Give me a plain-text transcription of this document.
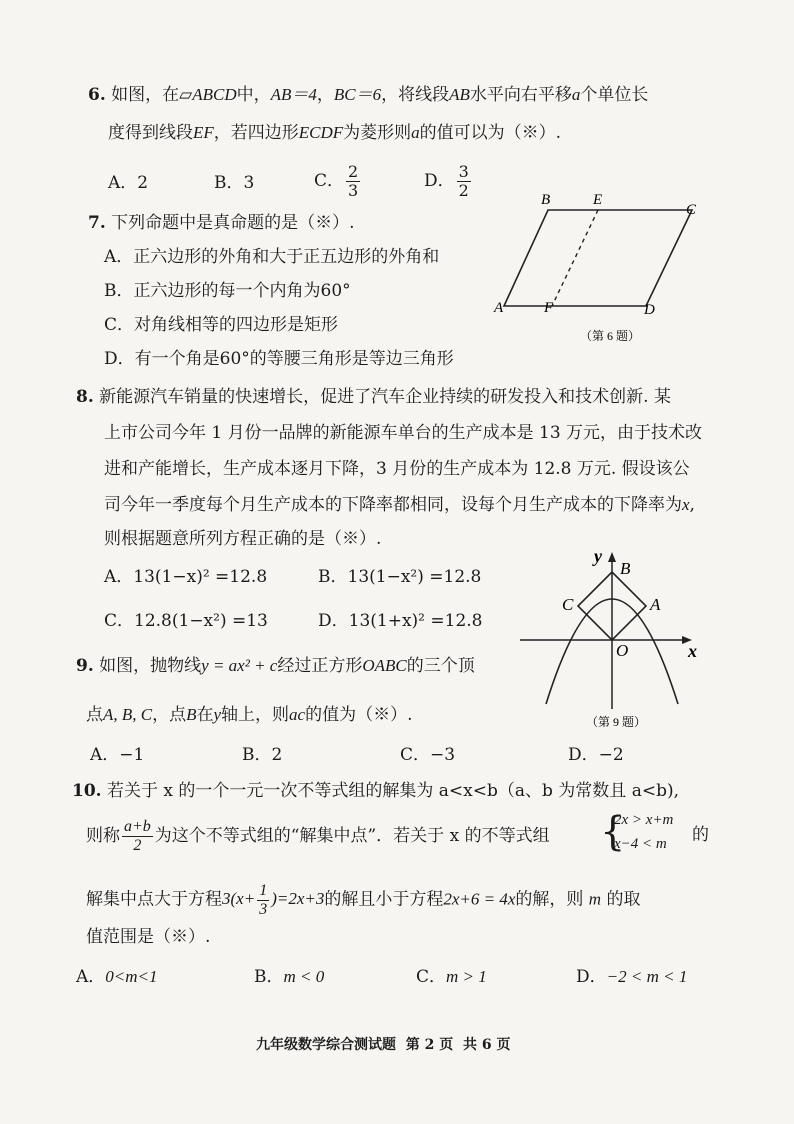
6. 如图，在▱ABCD中，AB＝4，BC＝6，将线段AB水平向右平移a个单位长
度得到线段EF，若四边形ECDF为菱形则a的值可以为（※）.
A．2	B．3	C． $\frac{2}{3}$	D． $\frac{3}{2}$	B	E
C
A	F	D
（第 6 题）
7. 下列命题中是真命题的是（※）.
A．正六边形的外角和大于正五边形的外角和
B．正六边形的每一个内角为60°
C．对角线相等的四边形是矩形
D．有一个角是60°的等腰三角形是等边三角形
8. 新能源汽车销量的快速增长，促进了汽车企业持续的研发投入和技术创新. 某
上市公司今年 1 月份一品牌的新能源车单台的生产成本是 13 万元，由于技术改
进和产能增长，生产成本逐月下降，3 月份的生产成本为 12.8 万元. 假设该公
司今年一季度每个月生产成本的下降率都相同，设每个月生产成本的下降率为x,
则根据题意所列方程正确的是（※）.
A．13(1−x)² =12.8	B．13(1−x²) =12.8
C．12.8(1−x²) =13	D．13(1+x)² =12.8
y
x
B
C	A
O
（第 9 题）
9. 如图，抛物线y = ax² + c经过正方形OABC的三个顶
点A, B, C，点B在y轴上，则ac的值为（※）.
A．−1	B．2	C．−3	D．−2
10. 若关于 x 的一个一元一次不等式组的解集为 a<x<b（a、b 为常数且 a<b),
则称 $\frac{a+b}{2}$ 为这个不等式组的“解集中点”．若关于 x 的不等式组 {
2x > x+m
x−4 < m 的
解集中点大于方程$3(x+ \frac{1}{3} )=2x+3$的解且小于方程2x+6 = 4x的解，则 m 的取
值范围是（※）.
A．0<m<1	B．m < 0	C．m > 1	D．−2 < m < 1
九年级数学综合测试题 第 2 页 共 6 页
